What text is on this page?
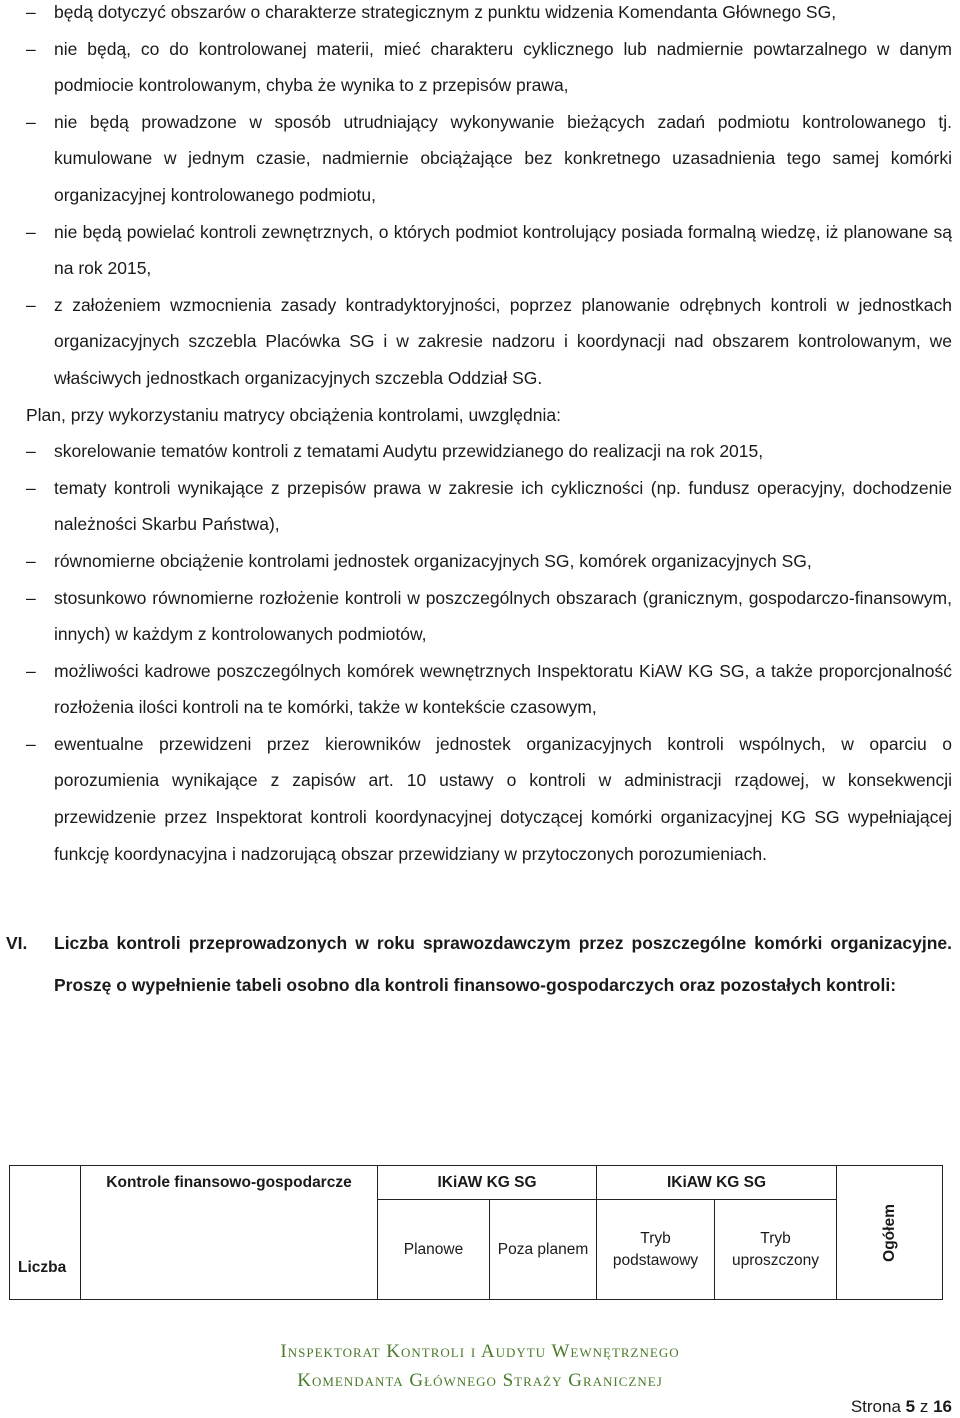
–	będą dotyczyć obszarów o charakterze strategicznym z punktu widzenia Komendanta Głównego SG,
–	nie będą, co do kontrolowanej materii, mieć charakteru cyklicznego lub nadmiernie powtarzalnego w danym podmiocie kontrolowanym, chyba że wynika to z przepisów prawa,
–	nie będą prowadzone w sposób utrudniający wykonywanie bieżących zadań podmiotu kontrolowanego tj. kumulowane w jednym czasie, nadmiernie obciążające bez konkretnego uzasadnienia tego samej komórki organizacyjnej kontrolowanego podmiotu,
–	nie będą powielać kontroli zewnętrznych, o których podmiot kontrolujący posiada formalną wiedzę, iż planowane są na rok 2015,
–	z założeniem wzmocnienia zasady kontradyktoryjności, poprzez planowanie odrębnych kontroli w jednostkach organizacyjnych szczebla Placówka SG i w zakresie nadzoru i koordynacji nad obszarem kontrolowanym, we właściwych jednostkach organizacyjnych szczebla Oddział SG.
Plan, przy wykorzystaniu matrycy obciążenia kontrolami, uwzględnia:
–	skorelowanie tematów kontroli z tematami Audytu przewidzianego do realizacji na rok 2015,
–	tematy kontroli wynikające z przepisów prawa w zakresie ich cykliczności (np. fundusz operacyjny, dochodzenie należności Skarbu Państwa),
–	równomierne obciążenie kontrolami jednostek organizacyjnych SG, komórek organizacyjnych SG,
–	stosunkowo równomierne rozłożenie kontroli w poszczególnych obszarach (granicznym, gospodarczo-finansowym, innych) w każdym z kontrolowanych podmiotów,
–	możliwości kadrowe poszczególnych komórek wewnętrznych Inspektoratu KiAW KG SG, a także proporcjonalność rozłożenia ilości kontroli na te komórki, także w kontekście czasowym,
–	ewentualne przewidzeni przez kierowników jednostek organizacyjnych kontroli wspólnych, w oparciu o porozumienia wynikające z zapisów art. 10 ustawy o kontroli w administracji rządowej, w konsekwencji przewidzenie przez Inspektorat kontroli koordynacyjnej dotyczącej komórki organizacyjnej KG SG wypełniającej funkcję koordynacyjna i nadzorującą obszar przewidziany w przytoczonych porozumieniach.
VI. Liczba kontroli przeprowadzonych w roku sprawozdawczym przez poszczególne komórki organizacyjne. Proszę o wypełnienie tabeli osobno dla kontroli finansowo-gospodarczych oraz pozostałych kontroli:
Liczba	Kontrole finansowo-gospodarcze	IKiAW KG SG		IKiAW KG SG		Ogółem
		Planowe	Poza planem	Tryb podstawowy	Tryb uproszczony	
Inspektorat Kontroli i Audytu Wewnętrznego
Komendanta Głównego Straży Granicznej
Strona 5 z 16
